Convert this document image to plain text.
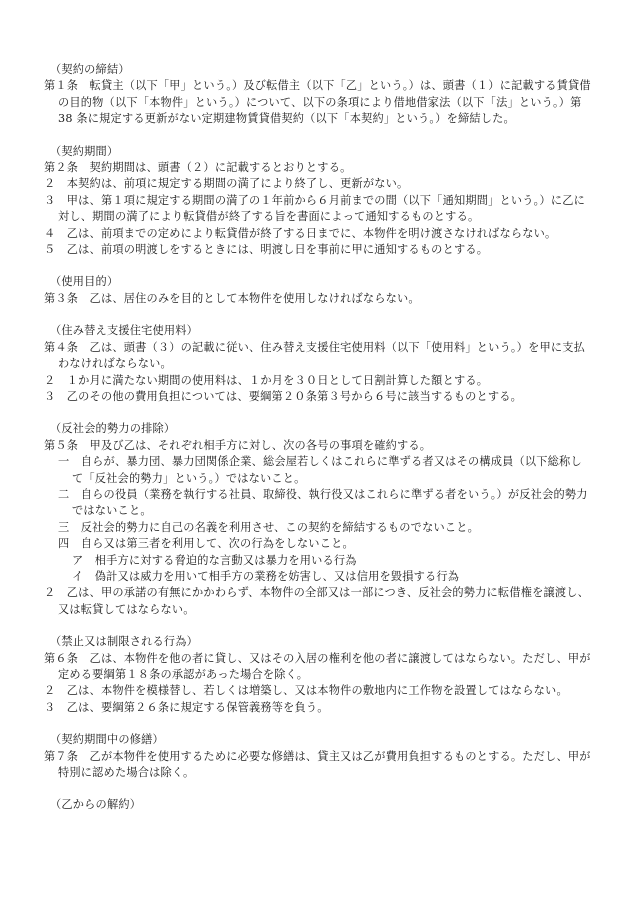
（契約の締結）

第１条　転貸主（以下「甲」という。）及び転借主（以下「乙」という。）は、頭書（１）に記載する賃貸借の目的物（以下「本物件」という。）について、以下の条項により借地借家法（以下「法」という。）第 38 条に規定する更新がない定期建物賃貸借契約（以下「本契約」という。）を締結した。

（契約期間）

第２条　契約期間は、頭書（２）に記載するとおりとする。

２　本契約は、前項に規定する期間の満了により終了し、更新がない。

３　甲は、第１項に規定する期間の満了の１年前から６月前までの間（以下「通知期間」という。）に乙に対し、期間の満了により転貸借が終了する旨を書面によって通知するものとする。

４　乙は、前項までの定めにより転貸借が終了する日までに、本物件を明け渡さなければならない。

５　乙は、前項の明渡しをするときには、明渡し日を事前に甲に通知するものとする。

（使用目的）

第３条　乙は、居住のみを目的として本物件を使用しなければならない。

（住み替え支援住宅使用料）

第４条　乙は、頭書（３）の記載に従い、住み替え支援住宅使用料（以下「使用料」という。）を甲に支払わなければならない。

２　１か月に満たない期間の使用料は、１か月を３０日として日割計算した額とする。

３　乙のその他の費用負担については、要綱第２０条第３号から６号に該当するものとする。

（反社会的勢力の排除）

第５条　甲及び乙は、それぞれ相手方に対し、次の各号の事項を確約する。

一　自らが、暴力団、暴力団関係企業、総会屋若しくはこれらに準ずる者又はその構成員（以下総称して「反社会的勢力」という。）ではないこと。

二　自らの役員（業務を執行する社員、取締役、執行役又はこれらに準ずる者をいう。）が反社会的勢力ではないこと。

三　反社会的勢力に自己の名義を利用させ、この契約を締結するものでないこと。

四　自ら又は第三者を利用して、次の行為をしないこと。

ア　相手方に対する脅迫的な言動又は暴力を用いる行為

イ　偽計又は威力を用いて相手方の業務を妨害し、又は信用を毀損する行為

２　乙は、甲の承諾の有無にかかわらず、本物件の全部又は一部につき、反社会的勢力に転借権を譲渡し、又は転貸してはならない。

（禁止又は制限される行為）

第６条　乙は、本物件を他の者に貸し、又はその入居の権利を他の者に譲渡してはならない。ただし、甲が定める要綱第１８条の承認があった場合を除く。

２　乙は、本物件を模様替し、若しくは増築し、又は本物件の敷地内に工作物を設置してはならない。

３　乙は、要綱第２６条に規定する保管義務等を負う。

（契約期間中の修繕）

第７条　乙が本物件を使用するために必要な修繕は、貸主又は乙が費用負担するものとする。ただし、甲が特別に認めた場合は除く。

（乙からの解約）
